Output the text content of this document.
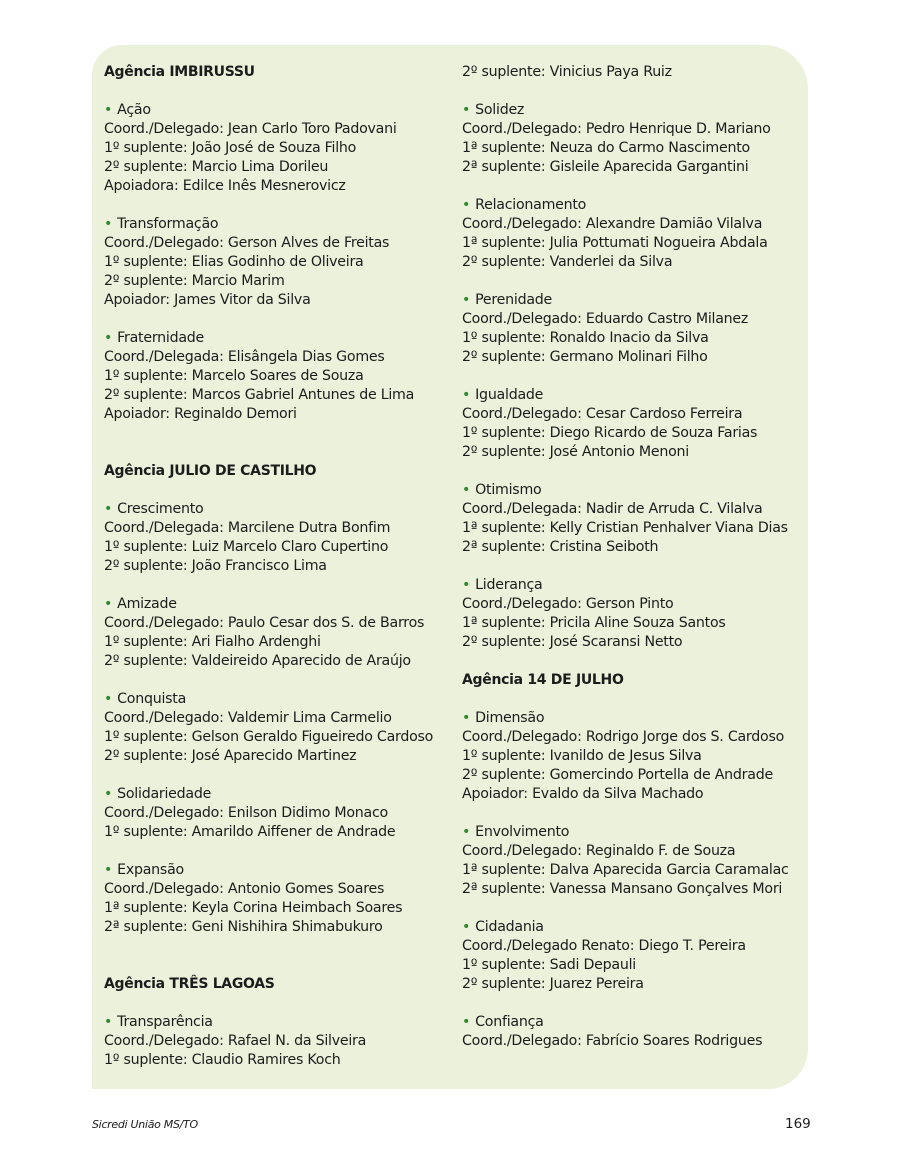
Agência IMBIRUSSU
• Ação
Coord./Delegado: Jean Carlo Toro Padovani
1º suplente: João José de Souza Filho
2º suplente: Marcio Lima Dorileu
Apoiadora: Edilce Inês Mesnerovicz
• Transformação
Coord./Delegado: Gerson Alves de Freitas
1º suplente: Elias Godinho de Oliveira
2º suplente: Marcio Marim
Apoiador: James Vitor da Silva
• Fraternidade
Coord./Delegada: Elisângela Dias Gomes
1º suplente: Marcelo Soares de Souza
2º suplente: Marcos Gabriel Antunes de Lima
Apoiador: Reginaldo Demori
Agência JULIO DE CASTILHO
• Crescimento
Coord./Delegada: Marcilene Dutra Bonfim
1º suplente: Luiz Marcelo Claro Cupertino
2º suplente: João Francisco Lima
• Amizade
Coord./Delegado: Paulo Cesar dos S. de Barros
1º suplente: Ari Fialho Ardenghi
2º suplente: Valdeireido Aparecido de Araújo
• Conquista
Coord./Delegado: Valdemir Lima Carmelio
1º suplente: Gelson Geraldo Figueiredo Cardoso
2º suplente: José Aparecido Martinez
• Solidariedade
Coord./Delegado: Enilson Didimo Monaco
1º suplente: Amarildo Aiffener de Andrade
• Expansão
Coord./Delegado: Antonio Gomes Soares
1ª suplente: Keyla Corina Heimbach Soares
2ª suplente: Geni Nishihira Shimabukuro
Agência TRÊS LAGOAS
• Transparência
Coord./Delegado: Rafael N. da Silveira
1º suplente: Claudio Ramires Koch
2º suplente: Vinicius Paya Ruiz
• Solidez
Coord./Delegado: Pedro Henrique D. Mariano
1ª suplente: Neuza do Carmo Nascimento
2ª suplente: Gisleile Aparecida Gargantini
• Relacionamento
Coord./Delegado: Alexandre Damião Vilalva
1ª suplente: Julia Pottumati Nogueira Abdala
2º suplente: Vanderlei da Silva
• Perenidade
Coord./Delegado: Eduardo Castro Milanez
1º suplente: Ronaldo Inacio da Silva
2º suplente: Germano Molinari Filho
• Igualdade
Coord./Delegado: Cesar Cardoso Ferreira
1º suplente: Diego Ricardo de Souza Farias
2º suplente: José Antonio Menoni
• Otimismo
Coord./Delegada: Nadir de Arruda C. Vilalva
1ª suplente: Kelly Cristian Penhalver Viana Dias
2ª suplente: Cristina Seiboth
• Liderança
Coord./Delegado: Gerson Pinto
1ª suplente: Pricila Aline Souza Santos
2º suplente: José Scaransi Netto
Agência 14 DE JULHO
• Dimensão
Coord./Delegado: Rodrigo Jorge dos S. Cardoso
1º suplente: Ivanildo de Jesus Silva
2º suplente: Gomercindo Portella de Andrade
Apoiador: Evaldo da Silva Machado
• Envolvimento
Coord./Delegado: Reginaldo F. de Souza
1ª suplente: Dalva Aparecida Garcia Caramalac
2ª suplente: Vanessa Mansano Gonçalves Mori
• Cidadania
Coord./Delegado Renato: Diego T. Pereira
1º suplente: Sadi Depauli
2º suplente: Juarez Pereira
• Confiança
Coord./Delegado: Fabrício Soares Rodrigues
Sicredi União MS/TO	169
